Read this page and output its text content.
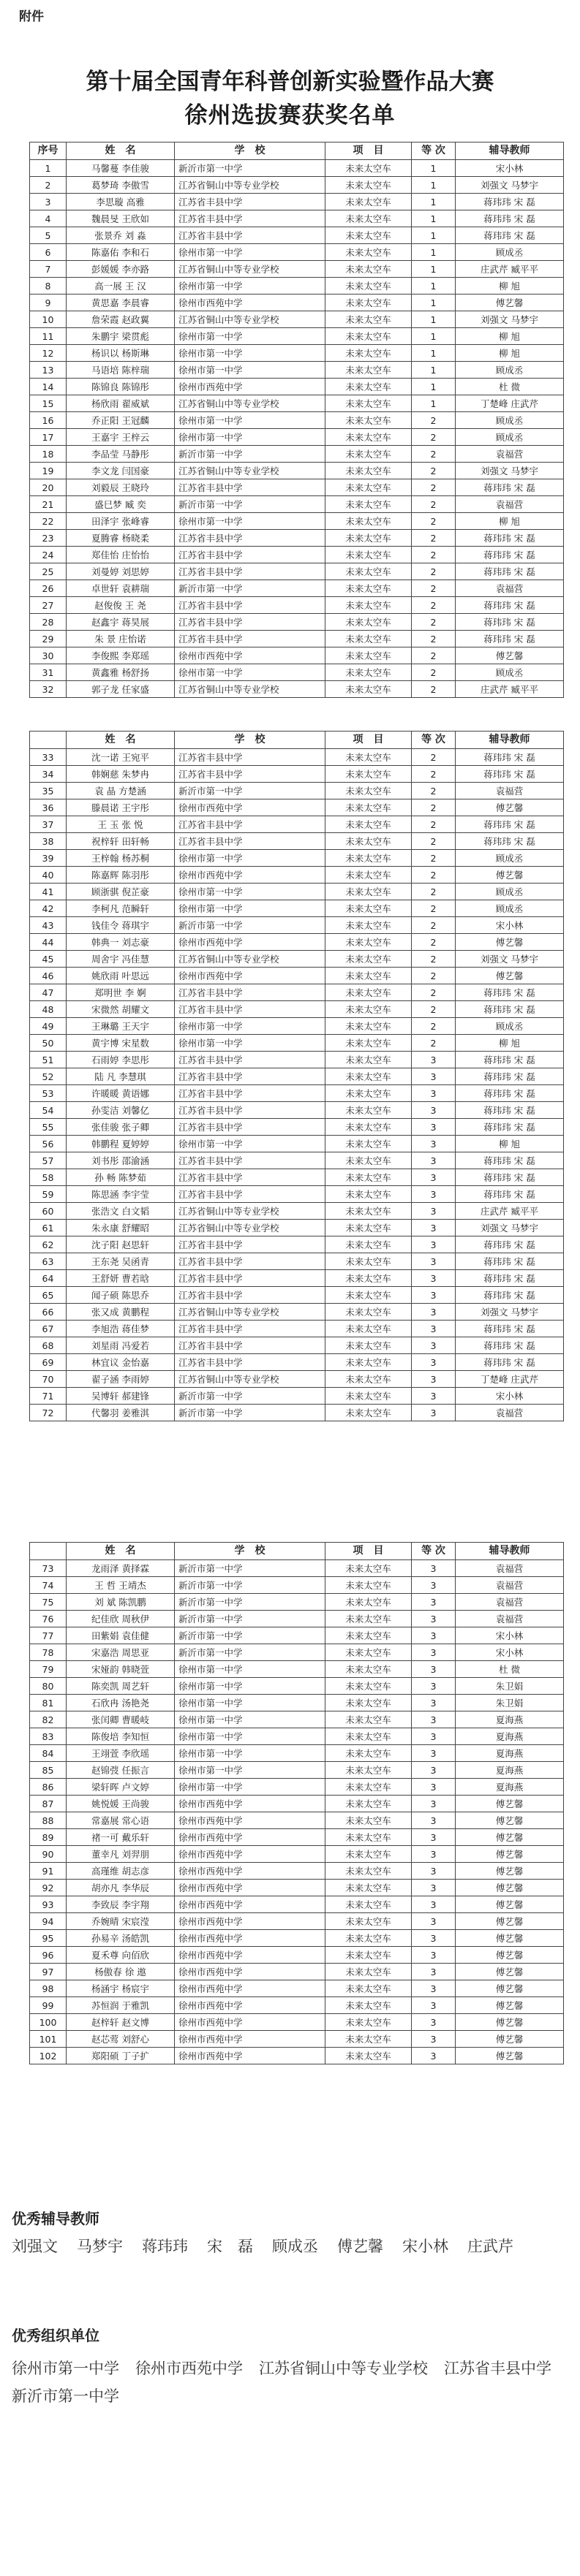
附件
第十届全国青年科普创新实验暨作品大赛
徐州选拔赛获奖名单
序号	姓　名	学　校	项　目	等 次	辅导教师
1	马馨蔓 李佳骏	新沂市第一中学	未来太空车	1	宋小林
2	葛梦琦 李傲雪	江苏省铜山中等专业学校	未来太空车	1	刘强文 马梦宇
3	李思璇 高雅	江苏省丰县中学	未来太空车	1	蒋玮玮 宋 磊
4	魏晨旻 王欣如	江苏省丰县中学	未来太空车	1	蒋玮玮 宋 磊
5	张景乔 刘 淼	江苏省丰县中学	未来太空车	1	蒋玮玮 宋 磊
6	陈嘉佑 李和石	徐州市第一中学	未来太空车	1	顾成丞
7	彭媛媛 李亦路	江苏省铜山中等专业学校	未来太空车	1	庄武芹 臧平平
8	高一展 王 汉	徐州市第一中学	未来太空车	1	柳 旭
9	黄思嘉 李晨睿	徐州市西苑中学	未来太空车	1	傅艺馨
10	詹荣霞 赵政翼	江苏省铜山中等专业学校	未来太空车	1	刘强文 马梦宇
11	朱鹏宇 梁贯彪	徐州市第一中学	未来太空车	1	柳 旭
12	杨识以 杨斯琳	徐州市第一中学	未来太空车	1	柳 旭
13	马语培 陈梓瑞	徐州市第一中学	未来太空车	1	顾成丞
14	陈锦良 陈锦彤	徐州市西苑中学	未来太空车	1	杜 微
15	杨欣雨 翟威斌	江苏省铜山中等专业学校	未来太空车	1	丁楚峰 庄武芹
16	乔正阳 王冠麟	徐州市第一中学	未来太空车	2	顾成丞
17	王嘉宇 王梓云	徐州市第一中学	未来太空车	2	顾成丞
18	李品莹 马静彤	新沂市第一中学	未来太空车	2	袁福营
19	李文龙 闫国豪	江苏省铜山中等专业学校	未来太空车	2	刘强文 马梦宇
20	刘毅辰 王晓玲	江苏省丰县中学	未来太空车	2	蒋玮玮 宋 磊
21	盛巳梦 臧 奕	新沂市第一中学	未来太空车	2	袁福营
22	田泽宇 张峰睿	徐州市第一中学	未来太空车	2	柳 旭
23	夏腾睿 杨晓柔	江苏省丰县中学	未来太空车	2	蒋玮玮 宋 磊
24	郑佳怡 庄怡怡	江苏省丰县中学	未来太空车	2	蒋玮玮 宋 磊
25	刘曼婷 刘思婷	江苏省丰县中学	未来太空车	2	蒋玮玮 宋 磊
26	卓世轩 袁耕瑞	新沂市第一中学	未来太空车	2	袁福营
27	赵俊俊 王 尧	江苏省丰县中学	未来太空车	2	蒋玮玮 宋 磊
28	赵鑫宇 蒋昊展	江苏省丰县中学	未来太空车	2	蒋玮玮 宋 磊
29	朱 景 庄怡诺	江苏省丰县中学	未来太空车	2	蒋玮玮 宋 磊
30	李俊熙 李郑瑶	徐州市西苑中学	未来太空车	2	傅艺馨
31	黄鑫雅 杨舒扬	徐州市第一中学	未来太空车	2	顾成丞
32	郭子龙 任家盛	江苏省铜山中等专业学校	未来太空车	2	庄武芹 臧平平
	姓　名	学　校	项　目	等 次	辅导教师
33	沈一诺 王宛平	江苏省丰县中学	未来太空车	2	蒋玮玮 宋 磊
34	韩娴慈 朱梦冉	江苏省丰县中学	未来太空车	2	蒋玮玮 宋 磊
35	袁 晶 方楚涵	新沂市第一中学	未来太空车	2	袁福营
36	滕晨诺 王宇彤	徐州市西苑中学	未来太空车	2	傅艺馨
37	王 玉 张 悦	江苏省丰县中学	未来太空车	2	蒋玮玮 宋 磊
38	祝梓轩 田轩畅	江苏省丰县中学	未来太空车	2	蒋玮玮 宋 磊
39	王梓翰 杨苏桐	徐州市第一中学	未来太空车	2	顾成丞
40	陈嘉辉 陈羽彤	徐州市西苑中学	未来太空车	2	傅艺馨
41	顾浙骐 倪芷豪	徐州市第一中学	未来太空车	2	顾成丞
42	李柯凡 范瞬轩	徐州市第一中学	未来太空车	2	顾成丞
43	钱佳令 蒋琪宇	新沂市第一中学	未来太空车	2	宋小林
44	韩典一 刘志豪	徐州市西苑中学	未来太空车	2	傅艺馨
45	周舍宇 冯佳慧	江苏省铜山中等专业学校	未来太空车	2	刘强文 马梦宇
46	姚欣雨 叶思远	徐州市西苑中学	未来太空车	2	傅艺馨
47	郑明世 李 婀	江苏省丰县中学	未来太空车	2	蒋玮玮 宋 磊
48	宋微然 胡耀文	江苏省丰县中学	未来太空车	2	蒋玮玮 宋 磊
49	王琳璐 王天宇	徐州市第一中学	未来太空车	2	顾成丞
50	黄宇博 宋星数	徐州市第一中学	未来太空车	2	柳 旭
51	石雨婷 李思彤	江苏省丰县中学	未来太空车	3	蒋玮玮 宋 磊
52	陆 凡 李慧琪	江苏省丰县中学	未来太空车	3	蒋玮玮 宋 磊
53	许暖暖 黄语娜	江苏省丰县中学	未来太空车	3	蒋玮玮 宋 磊
54	孙雯洁 刘馨亿	江苏省丰县中学	未来太空车	3	蒋玮玮 宋 磊
55	张佳骏 张子卿	江苏省丰县中学	未来太空车	3	蒋玮玮 宋 磊
56	韩鹏程 夏婷婷	徐州市第一中学	未来太空车	3	柳 旭
57	刘书彤 邵渝涵	江苏省丰县中学	未来太空车	3	蒋玮玮 宋 磊
58	孙 畅 陈梦茹	江苏省丰县中学	未来太空车	3	蒋玮玮 宋 磊
59	陈思涵 李宇莹	江苏省丰县中学	未来太空车	3	蒋玮玮 宋 磊
60	张浩文 白文韬	江苏省铜山中等专业学校	未来太空车	3	庄武芹 臧平平
61	朱永康 舒耀昭	江苏省铜山中等专业学校	未来太空车	3	刘强文 马梦宇
62	沈子阳 赵思轩	江苏省丰县中学	未来太空车	3	蒋玮玮 宋 磊
63	王东尧 吴函青	江苏省丰县中学	未来太空车	3	蒋玮玮 宋 磊
64	王舒妍 曹若晗	江苏省丰县中学	未来太空车	3	蒋玮玮 宋 磊
65	闻子硕 陈思乔	江苏省丰县中学	未来太空车	3	蒋玮玮 宋 磊
66	张又成 黄鹏程	江苏省铜山中等专业学校	未来太空车	3	刘强文 马梦宇
67	李旭浩 蒋佳梦	江苏省丰县中学	未来太空车	3	蒋玮玮 宋 磊
68	刘星雨 冯爱若	江苏省丰县中学	未来太空车	3	蒋玮玮 宋 磊
69	林宜议 金怡嘉	江苏省丰县中学	未来太空车	3	蒋玮玮 宋 磊
70	翟子涵 李雨婷	江苏省铜山中等专业学校	未来太空车	3	丁楚峰 庄武芹
71	吴博轩 郝建锋	新沂市第一中学	未来太空车	3	宋小林
72	代馨羽 姜雅淇	新沂市第一中学	未来太空车	3	袁福营
	姓　名	学　校	项　目	等 次	辅导教师
73	龙雨泽 黄择霖	新沂市第一中学	未来太空车	3	袁福营
74	王 哲 王靖杰	新沂市第一中学	未来太空车	3	袁福营
75	刘 斌 陈凯鹏	新沂市第一中学	未来太空车	3	袁福营
76	纪佳欣 周秋伊	新沂市第一中学	未来太空车	3	袁福营
77	田紫娟 袁佳健	新沂市第一中学	未来太空车	3	宋小林
78	宋嘉浩 周思亚	新沂市第一中学	未来太空车	3	宋小林
79	宋娅韵 韩晓萱	徐州市第一中学	未来太空车	3	杜 微
80	陈奕凯 周艺轩	徐州市第一中学	未来太空车	3	朱卫娟
81	石欣冉 汤艳尧	徐州市第一中学	未来太空车	3	朱卫娟
82	张闰卿 曹暖岐	徐州市第一中学	未来太空车	3	夏海燕
83	陈俊培 李知恒	徐州市第一中学	未来太空车	3	夏海燕
84	王翊萱 李欣瑶	徐州市第一中学	未来太空车	3	夏海燕
85	赵锦弢 任振言	徐州市第一中学	未来太空车	3	夏海燕
86	梁轩晖 卢文婷	徐州市第一中学	未来太空车	3	夏海燕
87	姚悦媛 王尚骏	徐州市西苑中学	未来太空车	3	傅艺馨
88	常嘉展 常心语	徐州市西苑中学	未来太空车	3	傅艺馨
89	褚一可 戴乐轩	徐州市西苑中学	未来太空车	3	傅艺馨
90	董幸凡 刘羿朋	徐州市西苑中学	未来太空车	3	傅艺馨
91	高瑾维 胡志彦	徐州市西苑中学	未来太空车	3	傅艺馨
92	胡亦凡 李华辰	徐州市西苑中学	未来太空车	3	傅艺馨
93	李致辰 李宇翔	徐州市西苑中学	未来太空车	3	傅艺馨
94	乔婉晴 宋宸滢	徐州市西苑中学	未来太空车	3	傅艺馨
95	孙易辛 汤皓凯	徐州市西苑中学	未来太空车	3	傅艺馨
96	夏禾尊 向佰欣	徐州市西苑中学	未来太空车	3	傅艺馨
97	杨傲春 徐 遨	徐州市西苑中学	未来太空车	3	傅艺馨
98	杨涵宇 杨宸宇	徐州市西苑中学	未来太空车	3	傅艺馨
99	苏恒润 于雅凯	徐州市西苑中学	未来太空车	3	傅艺馨
100	赵梓轩 赵文博	徐州市西苑中学	未来太空车	3	傅艺馨
101	赵芯莺 刘舒心	徐州市西苑中学	未来太空车	3	傅艺馨
102	郑阳硕 丁子扩	徐州市西苑中学	未来太空车	3	傅艺馨
优秀辅导教师
刘强文 马梦宇 蒋玮玮 宋　磊 顾成丞 傅艺馨 宋小林 庄武芹
优秀组织单位
徐州市第一中学 徐州市西苑中学 江苏省铜山中等专业学校 江苏省丰县中学新沂市第一中学
